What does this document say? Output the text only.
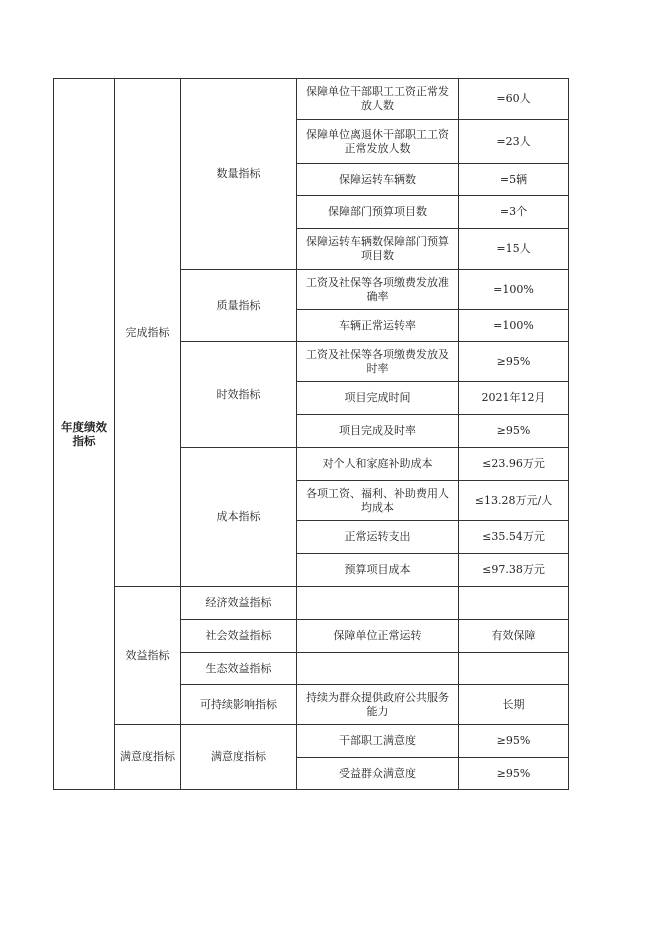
年度绩效
指标	完成指标	数量指标	保障单位干部职工工资正常发放人数	=60人
			保障单位离退休干部职工工资正常发放人数	=23人
			保障运转车辆数	=5辆
			保障部门预算项目数	=3个
			保障运转车辆数保障部门预算项目数	=15人
		质量指标	工资及社保等各项缴费发放准确率	=100%
			车辆正常运转率	=100%
		时效指标	工资及社保等各项缴费发放及时率	≥95%
			项目完成时间	2021年12月
			项目完成及时率	≥95%
		成本指标	对个人和家庭补助成本	≤23.96万元
			各项工资、福利、补助费用人均成本	≤13.28万元/人
			正常运转支出	≤35.54万元
			预算项目成本	≤97.38万元
	效益指标	经济效益指标		
		社会效益指标	保障单位正常运转	有效保障
		生态效益指标		
		可持续影响指标	持续为群众提供政府公共服务能力	长期
	满意度指标	满意度指标	干部职工满意度	≥95%
			受益群众满意度	≥95%
